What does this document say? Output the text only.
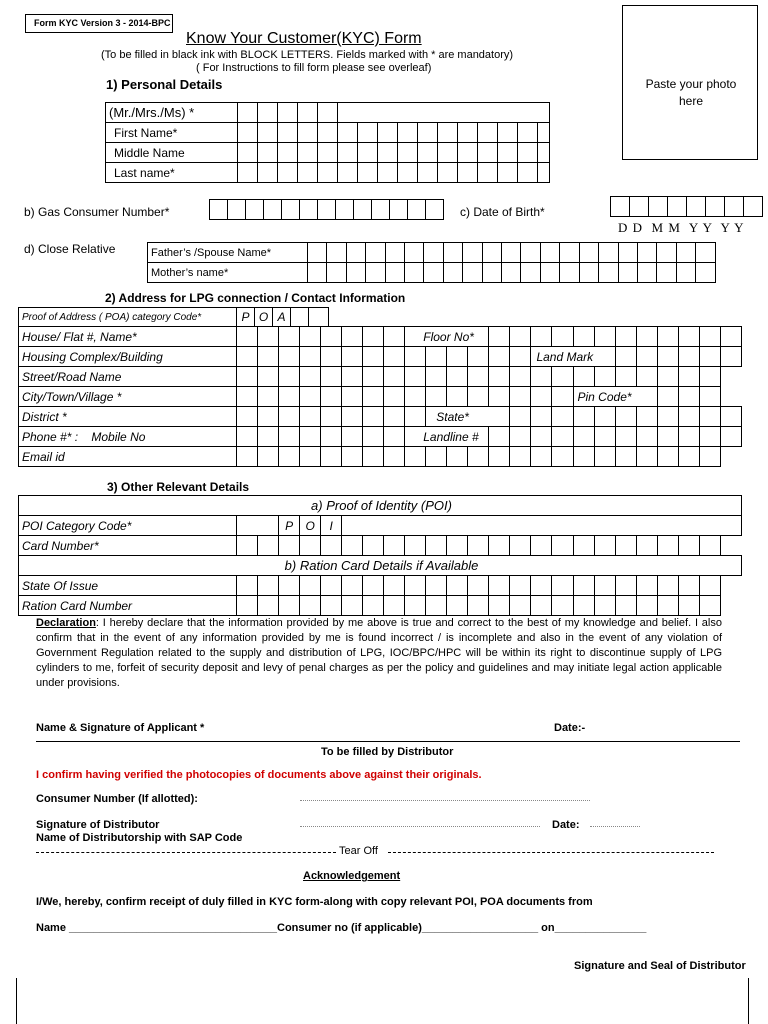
Form KYC Version 3 - 2014-BPC
Know Your Customer(KYC) Form
(To be filled in black ink with BLOCK LETTERS. Fields marked with * are mandatory)
( For Instructions to fill form please see overleaf)
Paste your photo here
1) Personal Details
(Mr./Mrs./Ms) *																
First Name*																
Middle Name																
Last name*																
b) Gas Consumer Number*	c) Date of Birth*
D D  M M  Y Y  Y Y
d) Close Relative	Father’s /Spouse Name*																					
Mother’s name*																					
2) Address for LPG connection / Contact Information
Proof of Address ( POA) category Code*	P	O	A		
House/ Flat #, Name*									Floor No*															
Housing Complex/Building															Land Mark									
Street/Road Name																								
City/Town/Village *																	Pin Code*							
District *										State*														
Phone #* :    Mobile No									Landline #															
Email id																								
3) Other Relevant Details
a) Proof of Identity (POI)																							
POI Category Code*			P	O	I																		
Card Number*																							
b) Ration Card Details if Available																							
State Of Issue																							
Ration Card Number																							
Declaration: I hereby declare that the information provided by me above is true and correct to the best of my knowledge and belief. I also confirm that in the event of any information provided by me is found incorrect / is incomplete and also in the event of any violation of Government Regulation related to the supply and distribution of LPG, IOC/BPC/HPC will be within its right to discontinue supply of LPG cylinders to me, forfeit of security deposit and levy of penal charges as per the policy and guidelines and may initiate legal action applicable under provisions.
Name & Signature of Applicant *	Date:-
To be filled by Distributor
I confirm having verified the photocopies of documents above against their originals.
Consumer Number (If allotted):
Signature of Distributor	Date:
Name of Distributorship with SAP Code
Tear Off
Acknowledgement
I/We, hereby, confirm receipt of duly filled in KYC form-along with copy relevant POI, POA documents from
Name __________________________________Consumer no (if applicable)___________________ on_______________
Signature and Seal of Distributor
